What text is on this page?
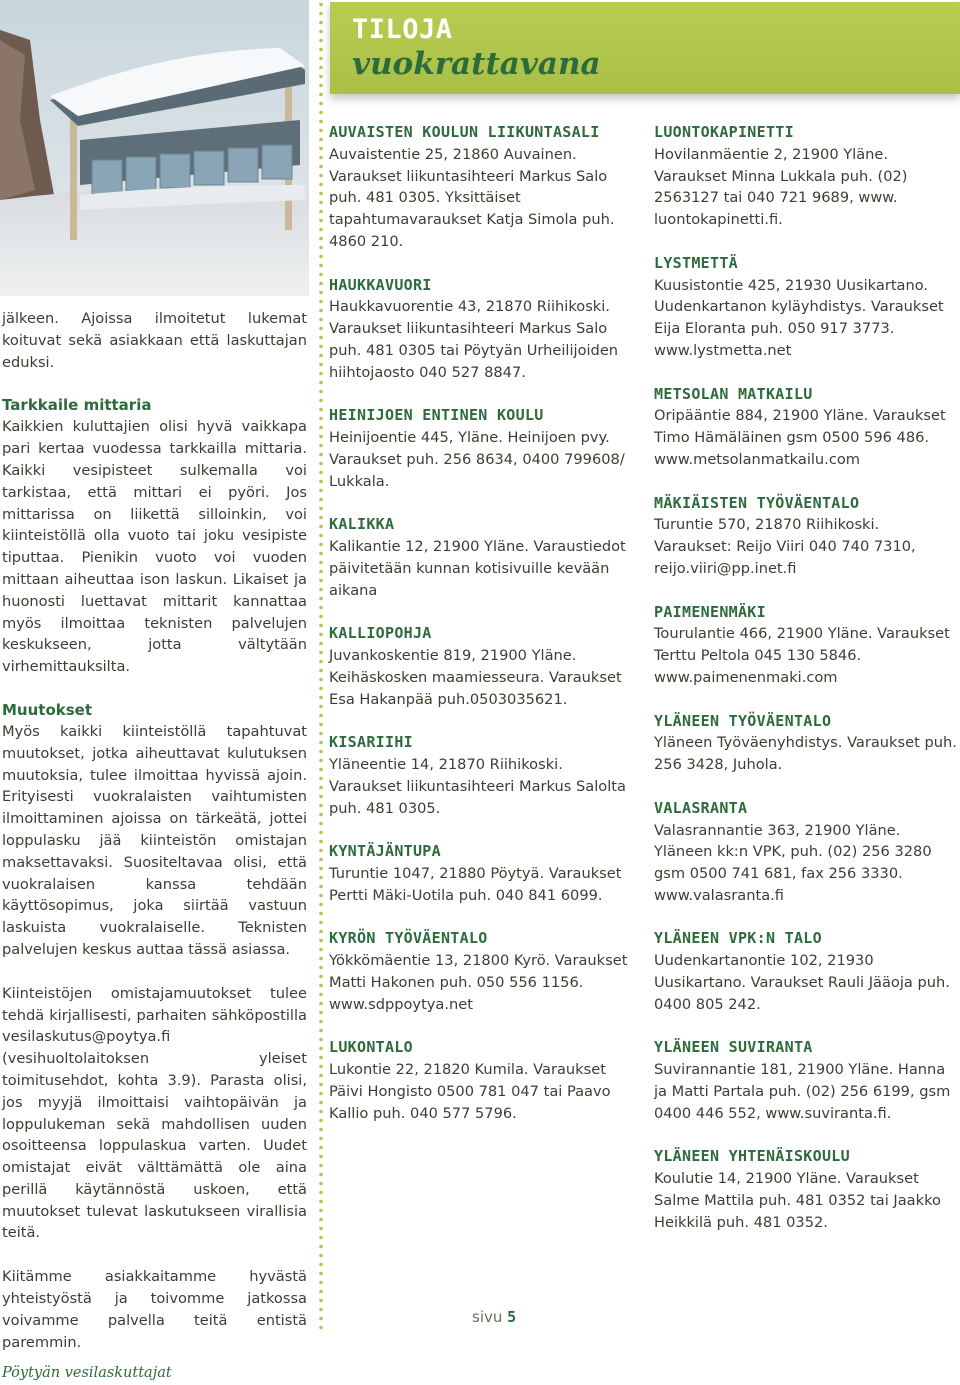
jälkeen. Ajoissa ilmoitetut lukemat koituvat sekä asiakkaan että laskuttajan eduksi.

Tarkkaile mittaria

Kaikkien kuluttajien olisi hyvä vaikkapa pari kertaa vuodessa tarkkailla mittaria. Kaikki vesipisteet sulkemalla voi tarkistaa, että mittari ei pyöri. Jos mittarissa on liikettä silloinkin, voi kiinteistöllä olla vuoto tai joku vesipiste tiputtaa. Pienikin vuoto voi vuoden mittaan aiheuttaa ison laskun. Likaiset ja huonosti luettavat mittarit kannattaa myös ilmoittaa teknisten palvelujen keskukseen, jotta vältytään virhemittauksilta.

Muutokset

Myös kaikki kiinteistöllä tapahtuvat muutokset, jotka aiheuttavat kulutuksen muutoksia, tulee ilmoittaa hyvissä ajoin. Erityisesti vuokralaisten vaihtumisten ilmoittaminen ajoissa on tärkeätä, jottei loppulasku jää kiinteistön omistajan maksettavaksi. Suositeltavaa olisi, että vuokralaisen kanssa tehdään käyttösopimus, joka siirtää vastuun laskuista vuokralaiselle. Teknisten palvelujen keskus auttaa tässä asiassa.

Kiinteistöjen omistajamuutokset tulee tehdä kirjallisesti, parhaiten sähköpostilla vesilaskutus@poytya.fi (vesihuoltolaitoksen yleiset toimitusehdot, kohta 3.9). Parasta olisi, jos myyjä ilmoittaisi vaihtopäivän ja loppulukeman sekä mahdollisen uuden osoitteensa loppulaskua varten. Uudet omistajat eivät välttämättä ole aina perillä käytännöstä uskoen, että muutokset tulevat laskutukseen virallisia teitä.

Kiitämme asiakkaitamme hyvästä yhteistyöstä ja toivomme jatkossa voivamme palvella teitä entistä paremmin.

Pöytyän vesilaskuttajat

TILOJA
vuokrattavana
AUVAISTEN KOULUN LIIKUNTASALI
Auvaistentie 25, 21860 Auvainen. Varaukset liikuntasihteeri Markus Salo puh. 481 0305. Yksittäiset tapahtumavaraukset Katja Simola puh. 4860 210.
HAUKKAVUORI
Haukkavuorentie 43, 21870 Riihikoski. Varaukset liikuntasihteeri Markus Salo puh. 481 0305 tai Pöytyän Urheilijoiden hiihtojaosto 040 527 8847.
HEINIJOEN ENTINEN KOULU
Heinijoentie 445, Yläne. Heinijoen pvy. Varaukset puh. 256 8634, 0400 799608/ Lukkala.
KALIKKA
Kalikantie 12, 21900 Yläne. Varaustiedot päivitetään kunnan kotisivuille kevään aikana
KALLIOPOHJA
Juvankoskentie 819, 21900 Yläne. Keihäskosken maamiesseura. Varaukset Esa Hakanpää puh.0503035621.
KISARIIHI
Yläneentie 14, 21870 Riihikoski. Varaukset liikuntasihteeri Markus Salolta puh. 481 0305.
KYNTÄJÄNTUPA
Turuntie 1047, 21880 Pöytyä. Varaukset Pertti Mäki-Uotila puh. 040 841 6099.
KYRÖN TYÖVÄENTALO
Yökkömäentie 13, 21800 Kyrö. Varaukset Matti Hakonen puh. 050 556 1156. www.sdppoytya.net
LUKONTALO
Lukontie 22, 21820 Kumila. Varaukset Päivi Hongisto 0500 781 047 tai Paavo Kallio puh. 040 577 5796.
LUONTOKAPINETTI
Hovilanmäentie 2, 21900 Yläne. Varaukset Minna Lukkala puh. (02) 2563127 tai 040 721 9689, www. luontokapinetti.fi.
LYSTMETTÄ
Kuusistontie 425, 21930 Uusikartano. Uudenkartanon kyläyhdistys. Varaukset Eija Eloranta puh. 050 917 3773. www.lystmetta.net
METSOLAN MATKAILU
Oripääntie 884, 21900 Yläne. Varaukset Timo Hämäläinen gsm 0500 596 486. www.metsolanmatkailu.com
MÄKIÄISTEN TYÖVÄENTALO
Turuntie 570, 21870 Riihikoski. Varaukset: Reijo Viiri 040 740 7310, reijo.viiri@pp.inet.fi
PAIMENENMÄKI
Tourulantie 466, 21900 Yläne. Varaukset Terttu Peltola 045 130 5846. www.paimenenmaki.com
YLÄNEEN TYÖVÄENTALO
Yläneen Työväenyhdistys. Varaukset puh. 256 3428, Juhola.
VALASRANTA
Valasrannantie 363, 21900 Yläne. Yläneen kk:n VPK, puh. (02) 256 3280 gsm 0500 741 681, fax 256 3330. www.valasranta.fi
YLÄNEEN VPK:N TALO
Uudenkartanontie 102, 21930 Uusikartano. Varaukset Rauli Jääoja puh. 0400 805 242.
YLÄNEEN SUVIRANTA
Suvirannantie 181, 21900 Yläne. Hanna ja Matti Partala puh. (02) 256 6199, gsm 0400 446 552, www.suviranta.fi.
YLÄNEEN YHTENÄISKOULU
Koulutie 14, 21900 Yläne. Varaukset Salme Mattila puh. 481 0352 tai Jaakko Heikkilä puh. 481 0352.
sivu 5
